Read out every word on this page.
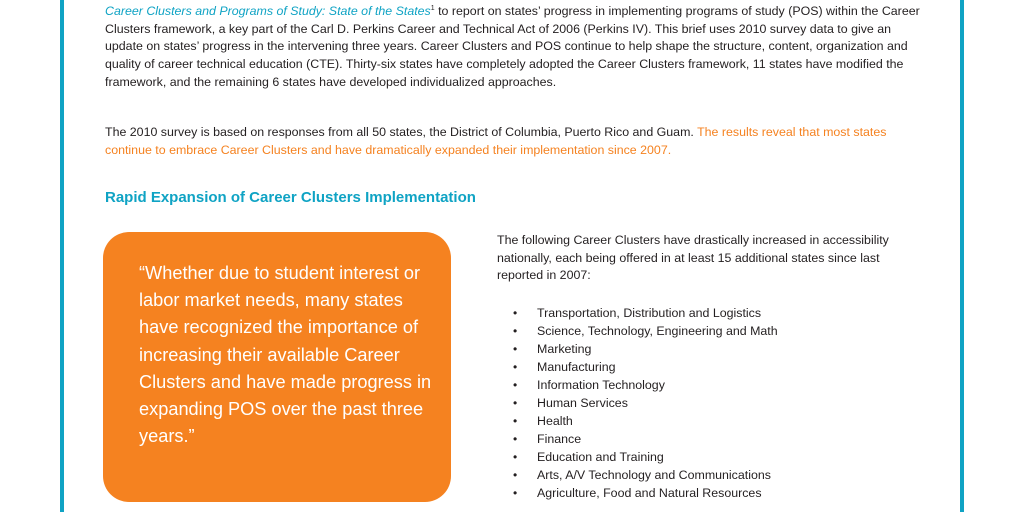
Career Clusters and Programs of Study: State of the States$^1$ to report on states’ progress in implementing programs of study (POS) within the Career Clusters framework, a key part of the Carl D. Perkins Career and Technical Act of 2006 (Perkins IV). This brief uses 2010 survey data to give an update on states’ progress in the intervening three years. Career Clusters and POS continue to help shape the structure, content, organization and quality of career technical education (CTE). Thirty-six states have completely adopted the Career Clusters framework, 11 states have modified the framework, and the remaining 6 states have developed individualized approaches.

The 2010 survey is based on responses from all 50 states, the District of Columbia, Puerto Rico and Guam. The results reveal that most states continue to embrace Career Clusters and have dramatically expanded their implementation since 2007.

Rapid Expansion of Career Clusters Implementation

“Whether due to student interest or labor market needs, many states have recognized the importance of increasing their available Career Clusters and have made progress in expanding POS over the past three years.”

The following Career Clusters have drastically increased in accessibility nationally, each being offered in at least 15 additional states since last reported in 2007:

• Transportation, Distribution and Logistics
• Science, Technology, Engineering and Math
• Marketing
• Manufacturing
• Information Technology
• Human Services
• Health
• Finance
• Education and Training
• Arts, A/V Technology and Communications
• Agriculture, Food and Natural Resources
